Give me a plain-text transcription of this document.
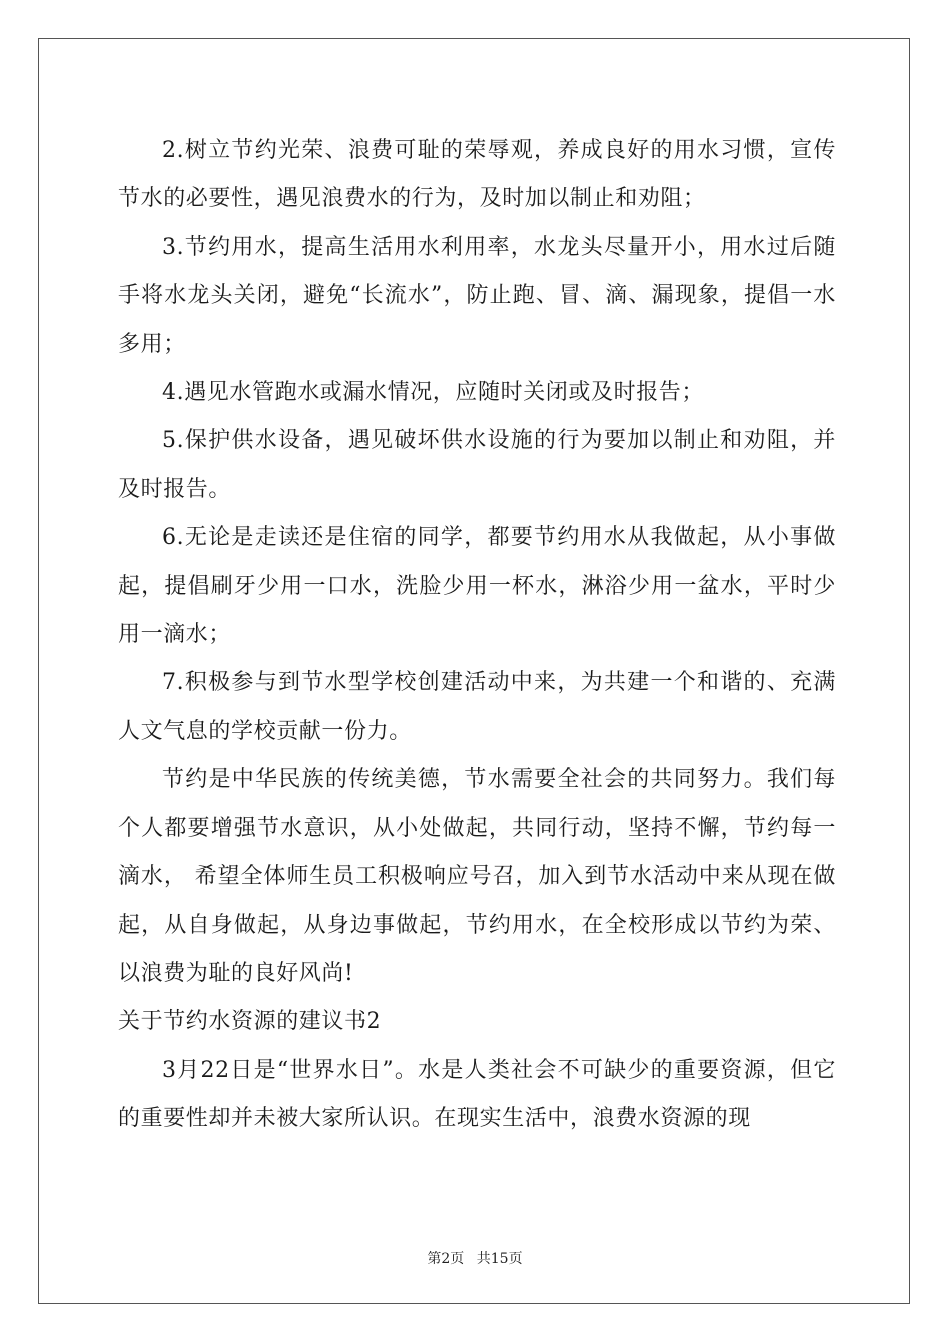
2.树立节约光荣、浪费可耻的荣辱观，养成良好的用水习惯，宣传节水的必要性，遇见浪费水的行为，及时加以制止和劝阻；

3.节约用水，提高生活用水利用率，水龙头尽量开小，用水过后随手将水龙头关闭，避免“长流水”，防止跑、冒、滴、漏现象，提倡一水多用；

4.遇见水管跑水或漏水情况，应随时关闭或及时报告；

5.保护供水设备，遇见破坏供水设施的行为要加以制止和劝阻，并及时报告。

6.无论是走读还是住宿的同学，都要节约用水从我做起，从小事做起，提倡刷牙少用一口水，洗脸少用一杯水，淋浴少用一盆水，平时少用一滴水；

7.积极参与到节水型学校创建活动中来，为共建一个和谐的、充满人文气息的学校贡献一份力。

节约是中华民族的传统美德，节水需要全社会的共同努力。我们每个人都要增强节水意识，从小处做起，共同行动，坚持不懈，节约每一滴水， 希望全体师生员工积极响应号召，加入到节水活动中来从现在做起，从自身做起，从身边事做起，节约用水，在全校形成以节约为荣、以浪费为耻的良好风尚!

关于节约水资源的建议书2

3月22日是“世界水日”。水是人类社会不可缺少的重要资源，但它的重要性却并未被大家所认识。在现实生活中，浪费水资源的现

第2页 共15页
